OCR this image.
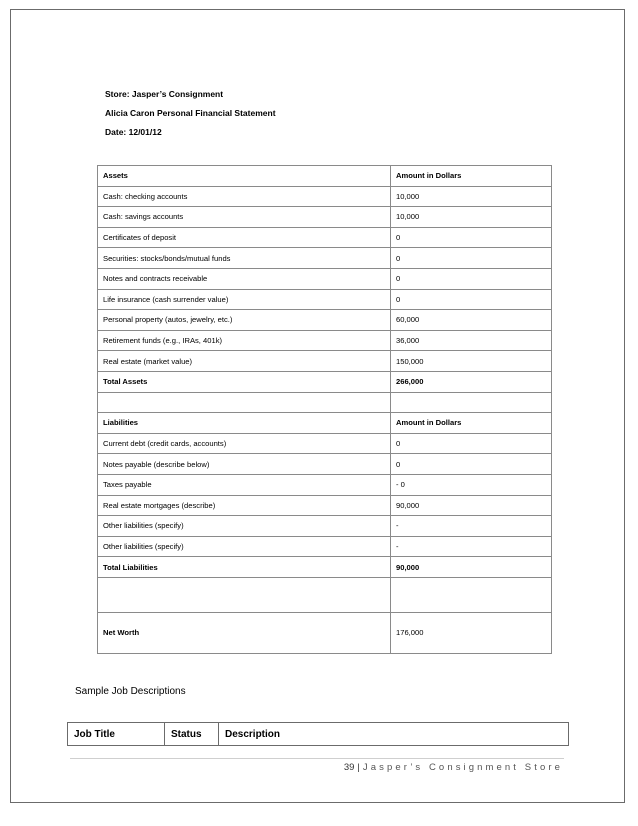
Store: Jasper’s Consignment
Alicia Caron Personal Financial Statement
Date: 12/01/12
Assets	Amount in Dollars
Cash: checking accounts	10,000
Cash: savings accounts	10,000
Certificates of deposit	0
Securities: stocks/bonds/mutual funds	0
Notes and contracts receivable	0
Life insurance (cash surrender value)	0
Personal property (autos, jewelry, etc.)	60,000
Retirement funds (e.g., IRAs, 401k)	36,000
Real estate (market value)	150,000
Total Assets	266,000

Liabilities	Amount in Dollars
Current debt (credit cards, accounts)	0
Notes payable (describe below)	0
Taxes payable	- 0
Real estate mortgages (describe)	90,000
Other liabilities (specify)	-
Other liabilities (specify)	-
Total Liabilities	90,000

Net Worth	176,000
Sample Job Descriptions
Job Title	Status	Description
39 | Jasper’s Consignment Store
